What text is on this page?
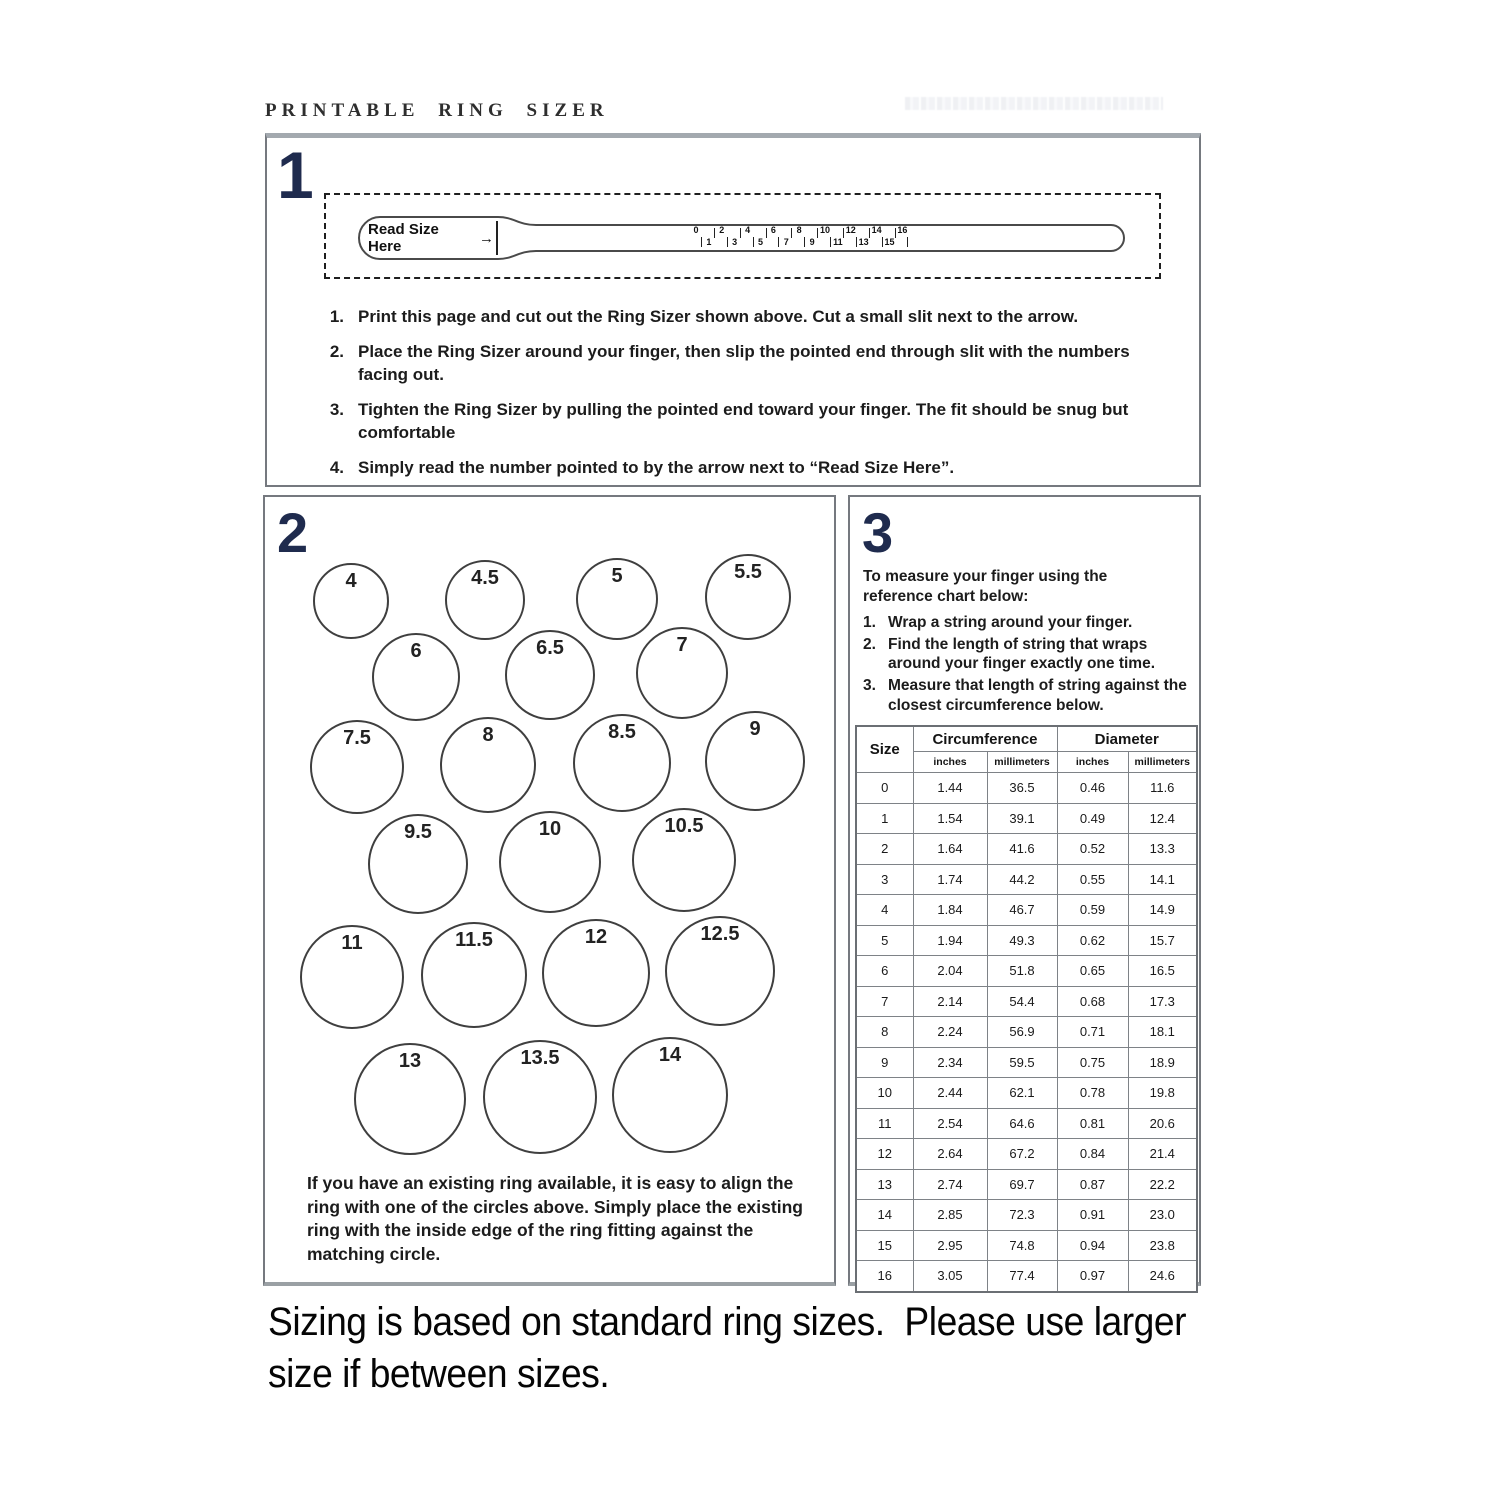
PRINTABLE RING SIZER
1
Read Size Here	→	0
1
2
3
4
5
6
7
8
9
10
11
12
13
14
15
16
1. Print this page and cut out the Ring Sizer shown above. Cut a small slit next to the arrow.
2. Place the Ring Sizer around your finger, then slip the pointed end through slit with the numbers facing out.
3. Tighten the Ring Sizer by pulling the pointed end toward your finger. The fit should be snug but comfortable
4. Simply read the number pointed to by the arrow next to “Read Size Here”.
2
4	4.5	5	5.5
6	6.5	7
7.5	8	8.5	9
9.5	10	10.5
11	11.5	12	12.5
13	13.5	14
If you have an existing ring available, it is easy to align the ring with one of the circles above. Simply place the existing ring with the inside edge of the ring fitting against the matching circle.
3
To measure your finger using the reference chart below:
1. Wrap a string around your finger.
2. Find the length of string that wraps around your finger exactly one time.
3. Measure that length of string against the closest circumference below.
Size	Circumference		Diameter	
	inches	millimeters	inches	millimeters
0	1.44	36.5	0.46	11.6
1	1.54	39.1	0.49	12.4
2	1.64	41.6	0.52	13.3
3	1.74	44.2	0.55	14.1
4	1.84	46.7	0.59	14.9
5	1.94	49.3	0.62	15.7
6	2.04	51.8	0.65	16.5
7	2.14	54.4	0.68	17.3
8	2.24	56.9	0.71	18.1
9	2.34	59.5	0.75	18.9
10	2.44	62.1	0.78	19.8
11	2.54	64.6	0.81	20.6
12	2.64	67.2	0.84	21.4
13	2.74	69.7	0.87	22.2
14	2.85	72.3	0.91	23.0
15	2.95	74.8	0.94	23.8
16	3.05	77.4	0.97	24.6
Sizing is based on standard ring sizes.  Please use larger size if between sizes.
